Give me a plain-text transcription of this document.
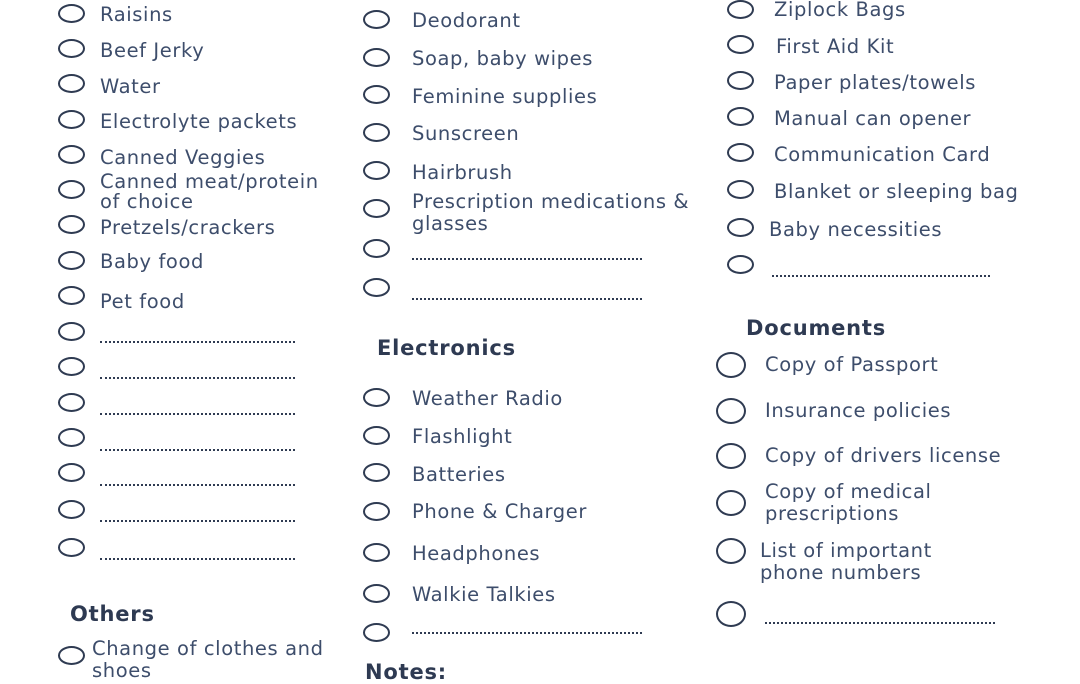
Raisins
Beef Jerky
Water
Electrolyte packets
Canned Veggies
Canned meat/protein of choice
Pretzels/crackers
Baby food
Pet food
Others
Change of clothes and shoes
Deodorant
Soap, baby wipes
Feminine supplies
Sunscreen
Hairbrush
Prescription medications & glasses
Electronics
Weather Radio
Flashlight
Batteries
Phone & Charger
Headphones
Walkie Talkies
Notes:
Ziplock Bags
First Aid Kit
Paper plates/towels
Manual can opener
Communication Card
Blanket or sleeping bag
Baby necessities
Documents
Copy of Passport
Insurance policies
Copy of drivers license
Copy of medical prescriptions
List of important phone numbers
